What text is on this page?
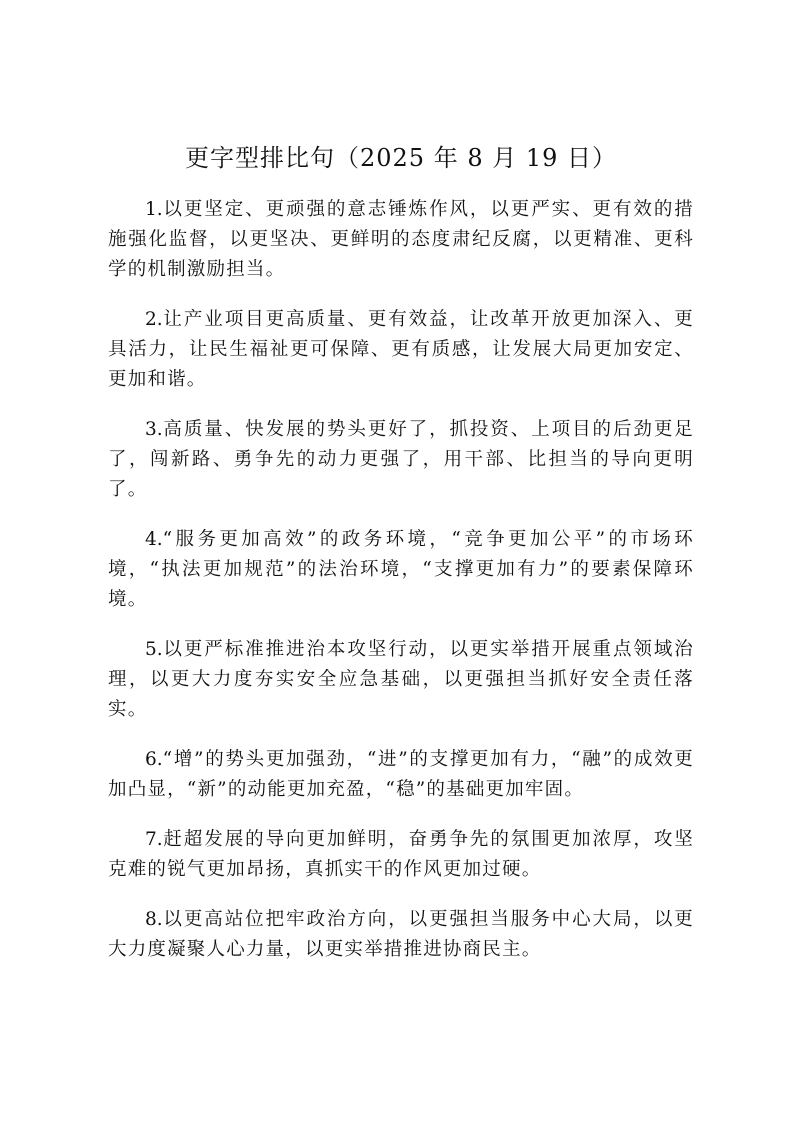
更字型排比句（2025 年 8 月 19 日）

1.以更坚定、更顽强的意志锤炼作风，以更严实、更有效的措施强化监督，以更坚决、更鲜明的态度肃纪反腐，以更精准、更科学的机制激励担当。

2.让产业项目更高质量、更有效益，让改革开放更加深入、更具活力，让民生福祉更可保障、更有质感，让发展大局更加安定、更加和谐。

3.高质量、快发展的势头更好了，抓投资、上项目的后劲更足了，闯新路、勇争先的动力更强了，用干部、比担当的导向更明了。

4.“服务更加高效”的政务环境，“竞争更加公平”的市场环境，“执法更加规范”的法治环境，“支撑更加有力”的要素保障环境。

5.以更严标准推进治本攻坚行动，以更实举措开展重点领域治理，以更大力度夯实安全应急基础，以更强担当抓好安全责任落实。

6.“增”的势头更加强劲，“进”的支撑更加有力，“融”的成效更加凸显，“新”的动能更加充盈，“稳”的基础更加牢固。

7.赶超发展的导向更加鲜明，奋勇争先的氛围更加浓厚，攻坚克难的锐气更加昂扬，真抓实干的作风更加过硬。

8.以更高站位把牢政治方向，以更强担当服务中心大局，以更大力度凝聚人心力量，以更实举措推进协商民主。
